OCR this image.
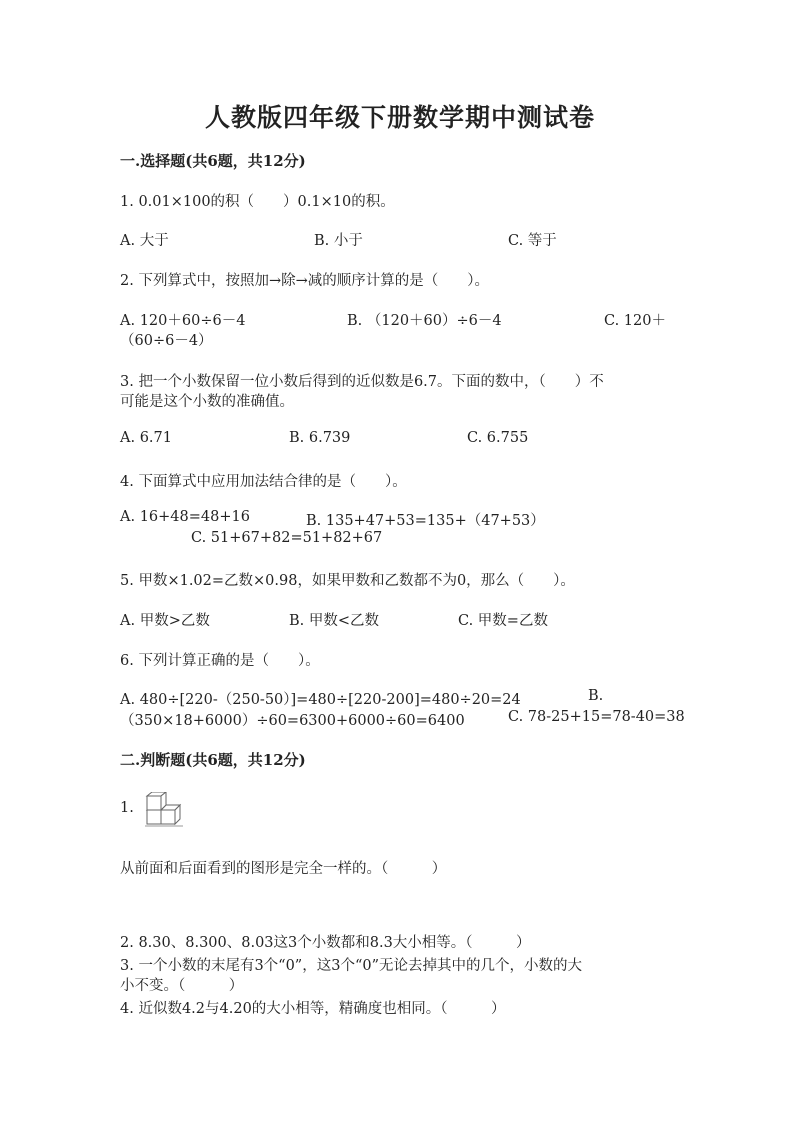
人教版四年级下册数学期中测试卷
一.选择题(共6题，共12分)
1. 0.01×100的积（　　）0.1×10的积。
A. 大于	B. 小于	C. 等于
2. 下列算式中，按照加→除→减的顺序计算的是（　　）。
A. 120＋60÷6－4	B. （120＋60）÷6－4	C. 120＋
（60÷6－4）
3. 把一个小数保留一位小数后得到的近似数是6.7。下面的数中，（　　）不
可能是这个小数的准确值。
A. 6.71	B. 6.739	C. 6.755
4. 下面算式中应用加法结合律的是（　　）。
A. 16+48=48+16	B. 135+47+53=135+（47+53）
C. 51+67+82=51+82+67
5. 甲数×1.02=乙数×0.98，如果甲数和乙数都不为0，那么（　　）。
A. 甲数>乙数	B. 甲数<乙数	C. 甲数=乙数
6. 下列计算正确的是（　　）。
A. 480÷[220-（250-50）]=480÷[220-200]=480÷20=24	B.
（350×18+6000）÷60=6300+6000÷60=6400	C. 78-25+15=78-40=38
二.判断题(共6题，共12分)
1.
从前面和后面看到的图形是完全一样的。（　　　）
2. 8.30、8.300、8.03这3个小数都和8.3大小相等。（　　　）
3. 一个小数的末尾有3个“0”，这3个“0”无论去掉其中的几个，小数的大
小不变。（　　　）
4. 近似数4.2与4.20的大小相等，精确度也相同。（　　　）
